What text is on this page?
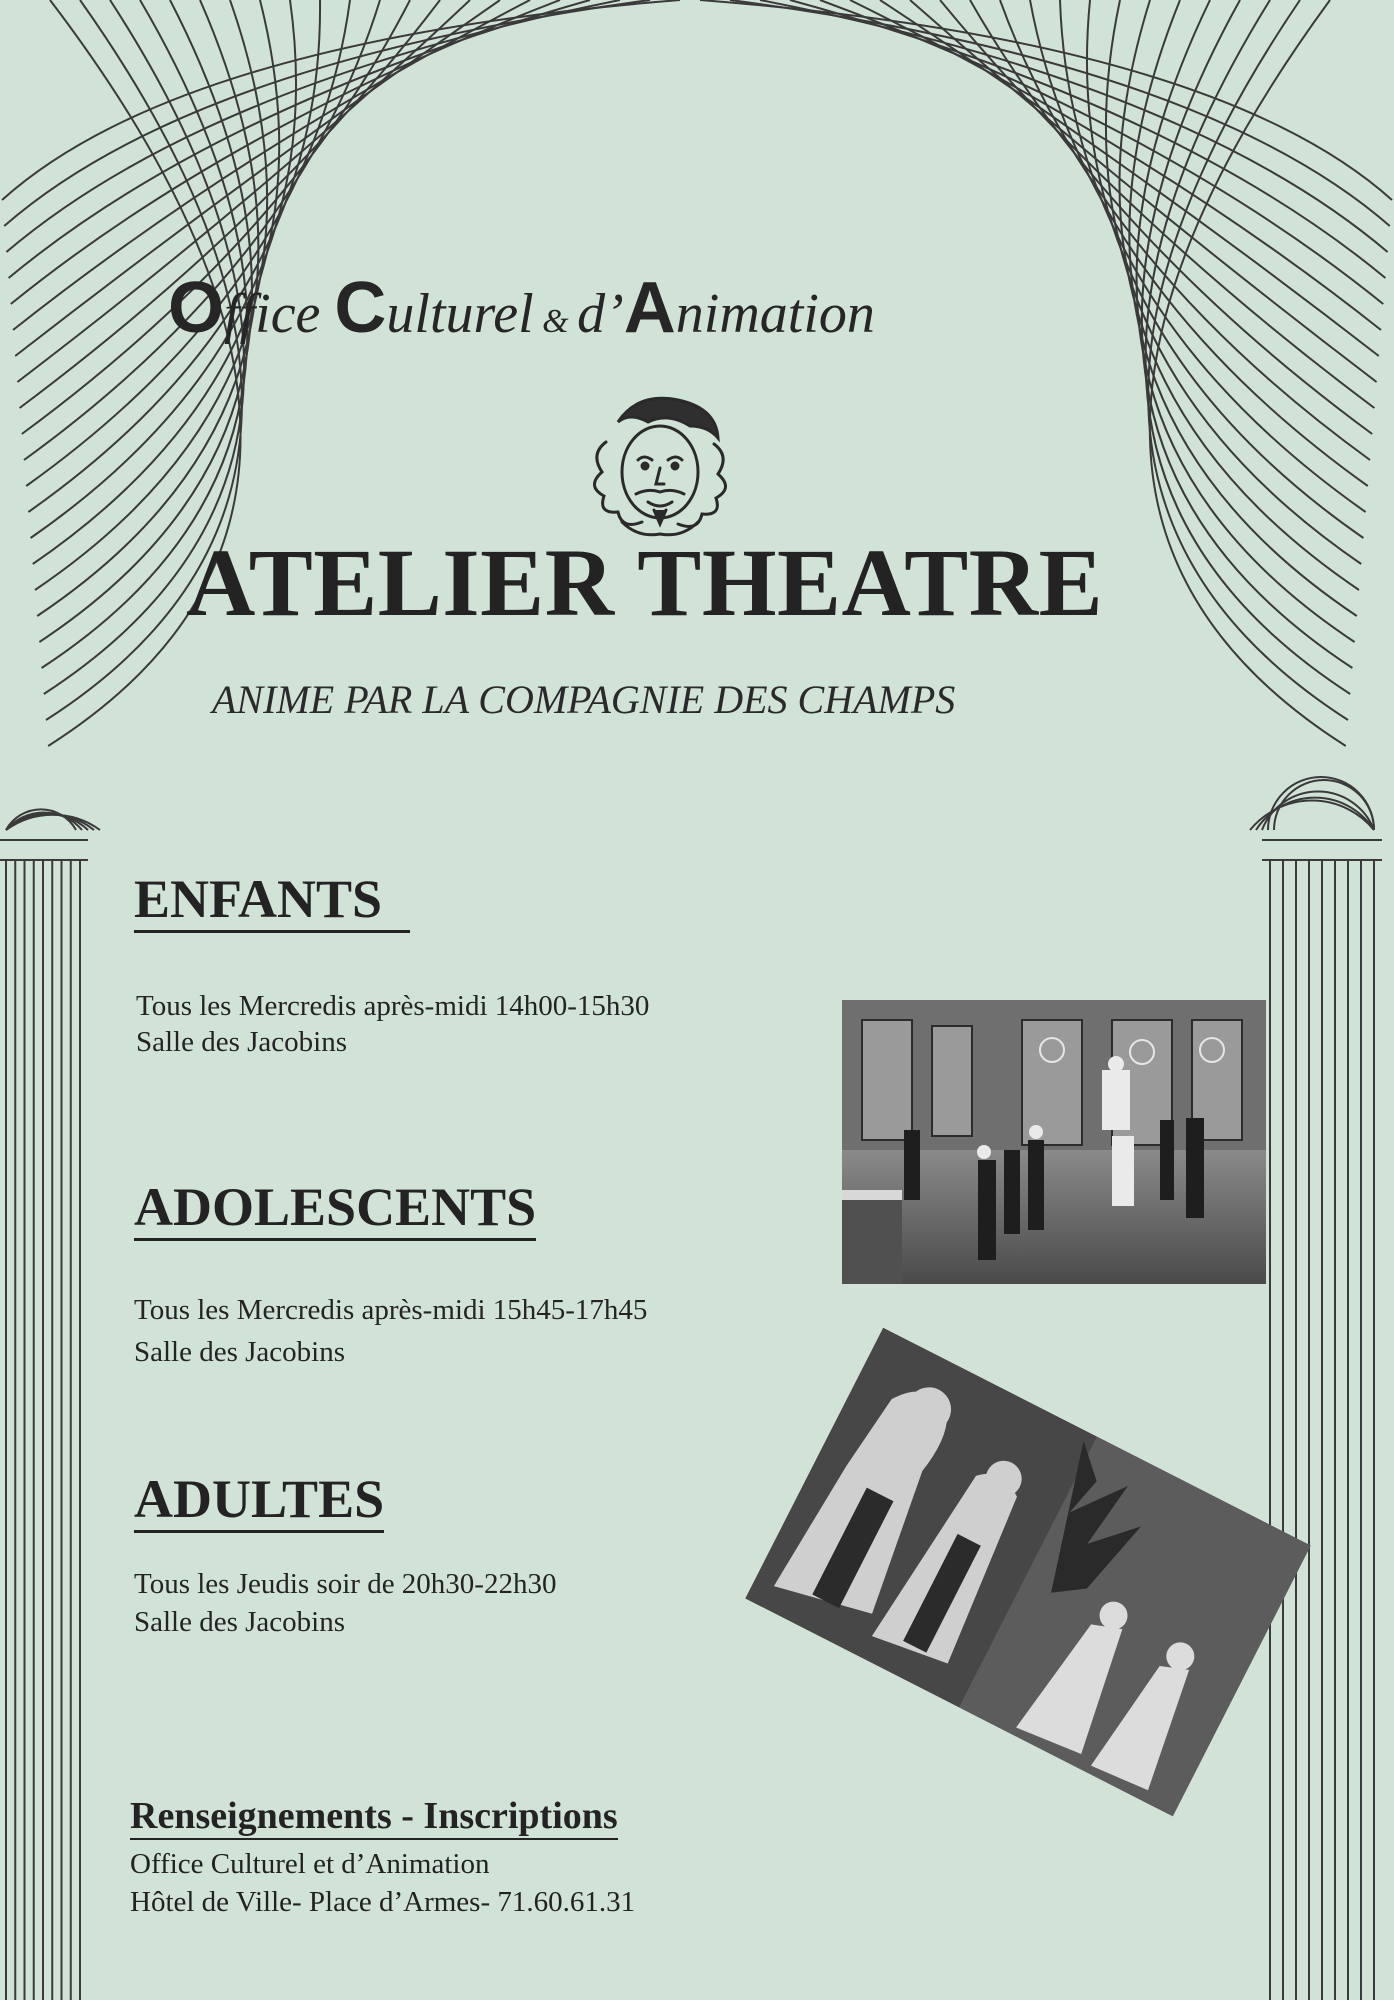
Office Culturel & d’Animation
ATELIER THEATRE
ANIME PAR LA COMPAGNIE DES CHAMPS
ENFANTS
Tous les Mercredis après-midi 14h00-15h30
Salle des Jacobins
ADOLESCENTS
Tous les Mercredis après-midi 15h45-17h45
Salle des Jacobins
ADULTES
Tous les Jeudis soir de 20h30-22h30
Salle des Jacobins
Renseignements - Inscriptions
Office Culturel et d’Animation
Hôtel de Ville- Place d’Armes- 71.60.61.31
